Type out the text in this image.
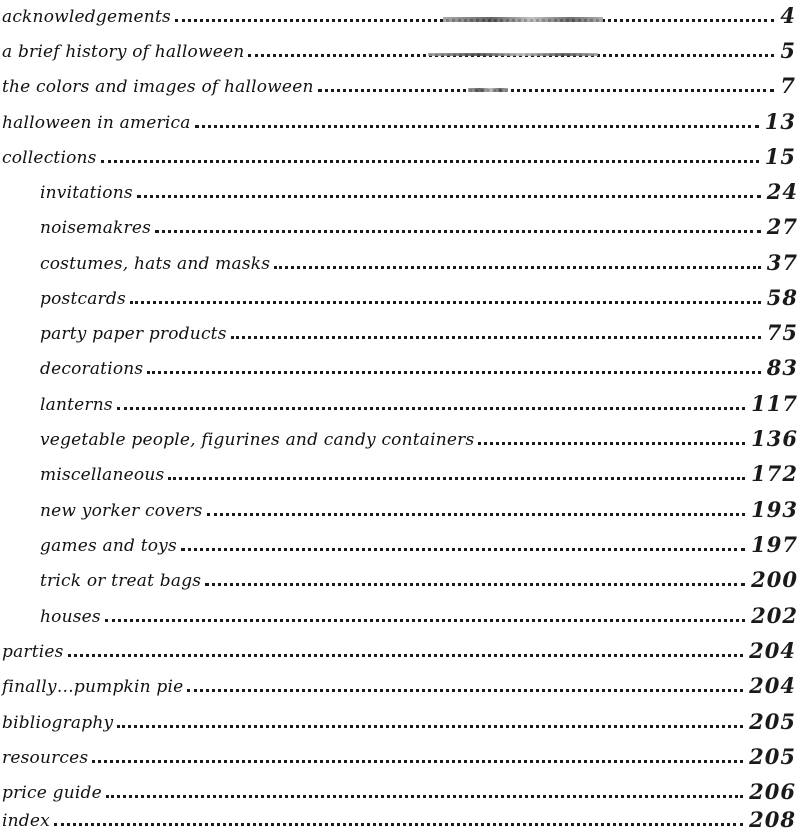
acknowledgements	4
a brief history of halloween	5
the colors and images of halloween	7
halloween in america	13
collections	15
invitations	24
noisemakres	27
costumes, hats and masks	37
postcards	58
party paper products	75
decorations	83
lanterns	117
vegetable people, figurines and candy containers	136
miscellaneous	172
new yorker covers	193
games and toys	197
trick or treat bags	200
houses	202
parties	204
finally…pumpkin pie	204
bibliography	205
resources	205
price guide	206
index	208
